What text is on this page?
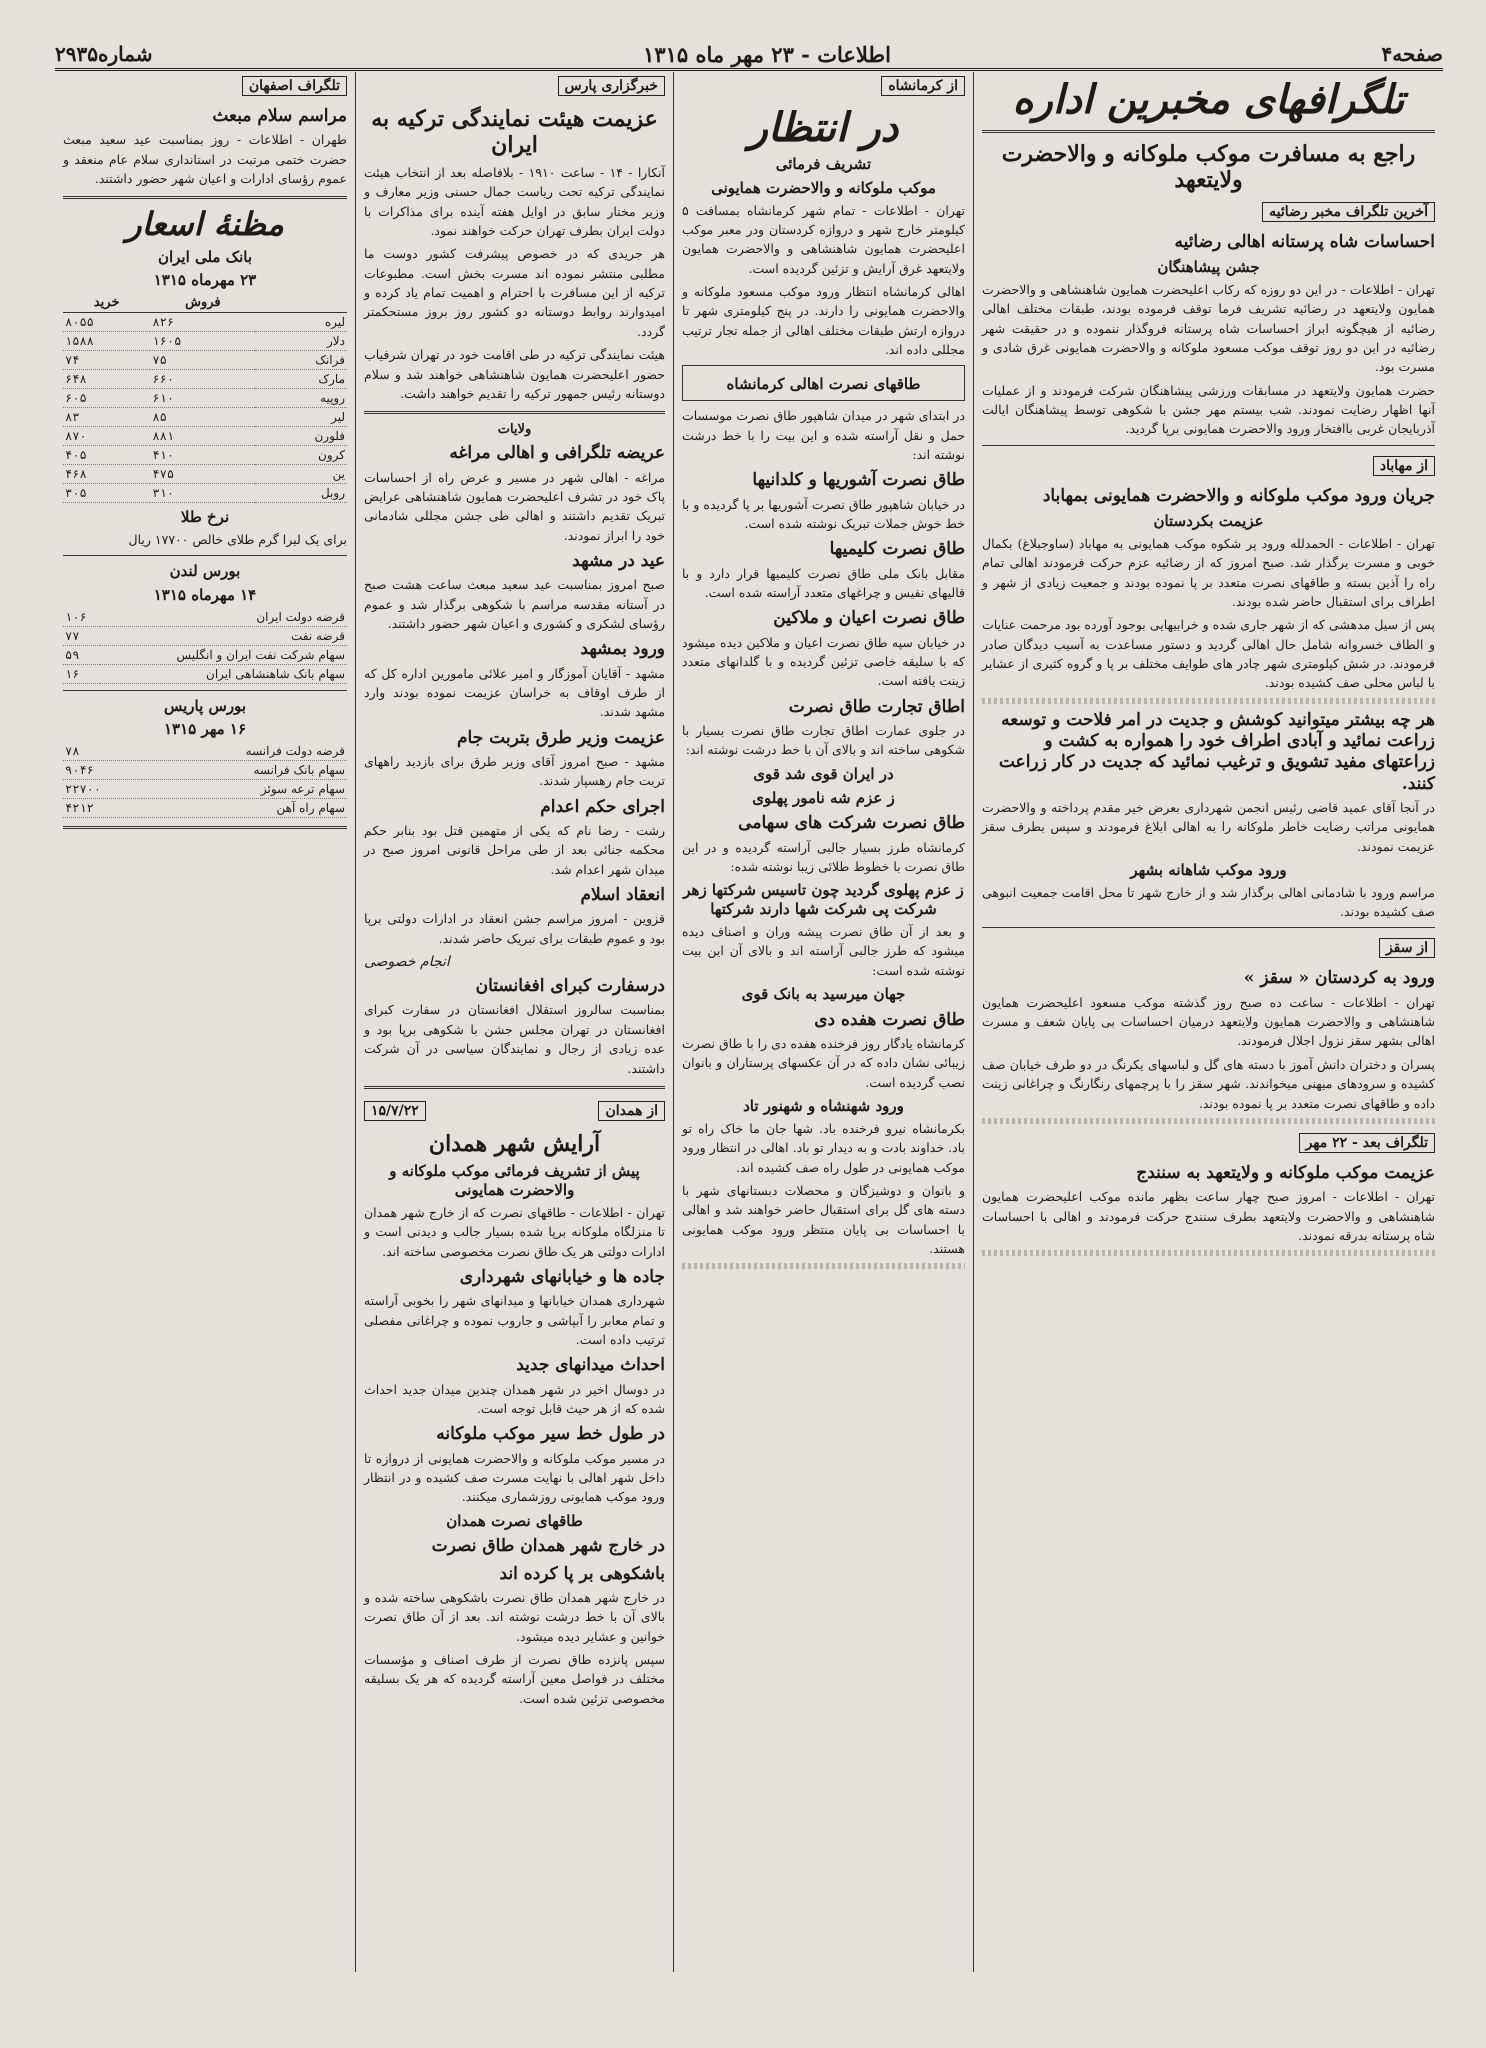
صفحه۴
اطلاعات - ۲۳ مهر ماه ۱۳۱۵
شماره۲۹۳۵
تلگرافهای مخبرین اداره
راجع به مسافرت موکب ملوکانه و والاحضرت ولایتعهد
آخرین تلگراف مخبر رضائیه
احساسات شاه پرستانه اهالی رضائیه
جشن پیشاهنگان

تهران - اطلاعات - در این دو روزه که رکاب اعلیحضرت همایون شاهنشاهی و والاحضرت همایون ولایتعهد در رضائیه تشریف فرما توقف فرموده بودند، طبقات مختلف اهالی رضائیه از هیچگونه ابراز احساسات شاه پرستانه فروگذار ننموده و در حقیقت شهر رضائیه در این دو روز توقف موکب مسعود ملوکانه و والاحضرت همایونی غرق شادی و مسرت بود.

حضرت همایون ولایتعهد در مسابقات ورزشی پیشاهنگان شرکت فرمودند و از عملیات آنها اظهار رضایت نمودند. شب بیستم مهر جشن با شکوهی توسط پیشاهنگان ایالت آذربایجان غربی باافتخار ورود والاحضرت همایونی برپا گردید.

از مهاباد
جریان ورود موکب ملوکانه و والاحضرت همایونی بمهاباد
عزیمت بکردستان

تهران - اطلاعات - الحمدلله ورود پر شکوه موکب همایونی به مهاباد (ساوجبلاغ) بکمال خوبی و مسرت برگذار شد. صبح امروز که از رضائیه عزم حرکت فرمودند اهالی تمام راه را آذین بسته و طاقهای نصرت متعدد بر پا نموده بودند و جمعیت زیادی از شهر و اطراف برای استقبال حاضر شده بودند.

پس از سیل مدهشی که از شهر جاری شده و خرابیهایی بوجود آورده بود مرحمت عنایات و الطاف خسروانه شامل حال اهالی گردید و دستور مساعدت به آسیب دیدگان صادر فرمودند. در شش کیلومتری شهر چادر های طوایف مختلف بر پا و گروه کثیری از عشایر با لباس محلی صف کشیده بودند.

هر چه بیشتر میتوانید کوشش و جدیت در امر فلاحت و توسعه زراعت نمائید و آبادی اطراف خود را همواره به کشت و زراعتهای مفید تشویق و ترغیب نمائید که جدیت در کار زراعت کنند.

در آنجا آقای عمید قاضی رئیس انجمن شهرداری بعرض خیر مقدم پرداخته و والاحضرت همایونی مراتب رضایت خاطر ملوکانه را به اهالی ابلاغ فرمودند و سپس بطرف سقز عزیمت نمودند.

ورود موکب شاهانه بشهر

مراسم ورود با شادمانی اهالی برگذار شد و از خارج شهر تا محل اقامت جمعیت انبوهی صف کشیده بودند.

از سقز
ورود به کردستان « سقز »

تهران - اطلاعات - ساعت ده صبح روز گذشته موکب مسعود اعلیحضرت همایون شاهنشاهی و والاحضرت همایون ولایتعهد درمیان احساسات بی پایان شعف و مسرت اهالی بشهر سقز نزول اجلال فرمودند.

پسران و دختران دانش آموز با دسته های گل و لباسهای یکرنگ در دو طرف خیابان صف کشیده و سرودهای میهنی میخواندند. شهر سقز را با پرچمهای رنگارنگ و چراغانی زینت داده و طاقهای نصرت متعدد بر پا نموده بودند.

تلگراف بعد - ۲۲ مهر
عزیمت موکب ملوکانه و ولایتعهد به سنندج

تهران - اطلاعات - امروز صبح چهار ساعت بظهر مانده موکب اعلیحضرت همایون شاهنشاهی و والاحضرت ولایتعهد بطرف سنندج حرکت فرمودند و اهالی با احساسات شاه پرستانه بدرقه نمودند.

از کرمانشاه
در انتظار
تشریف فرمائی
موکب ملوکانه و والاحضرت همایونی

تهران - اطلاعات - تمام شهر کرمانشاه بمسافت ۵ کیلومتر خارج شهر و دروازه کردستان ودر معبر موکب اعلیحضرت همایون شاهنشاهی و والاحضرت همایون ولایتعهد غرق آرایش و تزئین گردیده است.

اهالی کرمانشاه انتظار ورود موکب مسعود ملوکانه و والاحضرت همایونی را دارند. در پنج کیلومتری شهر تا دروازه ارتش طبقات مختلف اهالی از جمله تجار ترتیب مجللی داده اند.

طاقهای نصرت اهالی کرمانشاه

در ابتدای شهر در میدان شاهپور طاق نصرت موسسات حمل و نقل آراسته شده و این بیت را با خط درشت نوشته اند:

طاق نصرت آشوریها و کلدانیها

در خیابان شاهپور طاق نصرت آشوریها بر پا گردیده و با خط خوش جملات تبریک نوشته شده است.

طاق نصرت کلیمیها

مقابل بانک ملی طاق نصرت کلیمیها قرار دارد و با قالیهای نفیس و چراغهای متعدد آراسته شده است.

طاق نصرت اعیان و ملاکین

در خیابان سپه طاق نصرت اعیان و ملاکین دیده میشود که با سلیقه خاصی تزئین گردیده و با گلدانهای متعدد زینت یافته است.

اطاق تجارت طاق نصرت

در جلوی عمارت اطاق تجارت طاق نصرت بسیار با شکوهی ساخته اند و بالای آن با خط درشت نوشته اند:

در ایران قوی شد قوی
ز عزم شه نامور پهلوی
طاق نصرت شرکت های سهامی

کرمانشاه طرز بسیار جالبی آراسته گردیده و در این طاق نصرت با خطوط طلائی زیبا نوشته شده:

ز عزم پهلوی گردید چون تاسیس شرکتها زهر شرکت پی شرکت شها دارند شرکتها

و بعد از آن طاق نصرت پیشه وران و اصناف دیده میشود که طرز جالبی آراسته اند و بالای آن این بیت نوشته شده است:

جهان میرسید به بانک قوی
طاق نصرت هفده دی

کرمانشاه یادگار روز فرخنده هفده دی را با طاق نصرت زیبائی نشان داده که در آن عکسهای پرستاران و بانوان نصب گردیده است.

ورود شهنشاه و شهنور تاد

بکرمانشاه نیرو فرخنده باد. شها جان ما خاک راه تو باد. خداوند بادت و به دیدار تو باد. اهالی در انتظار ورود موکب همایونی در طول راه صف کشیده اند.

و بانوان و دوشیزگان و محصلات دبستانهای شهر با دسته های گل برای استقبال حاضر خواهند شد و اهالی با احساسات بی پایان منتظر ورود موکب همایونی هستند.

خبرگزاری پارس
عزیمت هیئت نمایندگی ترکیه به ایران

آنکارا - ۱۴ - ساعت ۱۹۱۰ - بلافاصله بعد از انتخاب هیئت نمایندگی ترکیه تحت ریاست جمال حسنی وزیر معارف و وزیر مختار سابق در اوایل هفته آینده برای مذاکرات با دولت ایران بطرف تهران حرکت خواهند نمود.

هر جریدی که در خصوص پیشرفت کشور دوست ما مطلبی منتشر نموده اند مسرت بخش است. مطبوعات ترکیه از این مسافرت با احترام و اهمیت تمام یاد کرده و امیدوارند روابط دوستانه دو کشور روز بروز مستحکمتر گردد.

هیئت نمایندگی ترکیه در طی اقامت خود در تهران شرفیاب حضور اعلیحضرت همایون شاهنشاهی خواهند شد و سلام دوستانه رئیس جمهور ترکیه را تقدیم خواهند داشت.

ولایات
عریضه تلگرافی و اهالی مراغه

مراغه - اهالی شهر در مسیر و عرض راه از احساسات پاک خود در تشرف اعلیحضرت همایون شاهنشاهی عرایض تبریک تقدیم داشتند و اهالی طی جشن مجللی شادمانی خود را ابراز نمودند.

عید در مشهد

صبح امروز بمناسبت عید سعید مبعث ساعت هشت صبح در آستانه مقدسه مراسم با شکوهی برگذار شد و عموم رؤسای لشکری و کشوری و اعیان شهر حضور داشتند.

ورود بمشهد

مشهد - آقایان آموزگار و امیر علائی مامورین اداره کل که از طرف اوقاف به خراسان عزیمت نموده بودند وارد مشهد شدند.

عزیمت وزیر طرق بتربت جام

مشهد - صبح امروز آقای وزیر طرق برای بازدید راههای تربت جام رهسپار شدند.

اجرای حکم اعدام

رشت - رضا نام که یکی از متهمین قتل بود بنابر حکم محکمه جنائی بعد از طی مراحل قانونی امروز صبح در میدان شهر اعدام شد.

انعقاد اسلام

قزوین - امروز مراسم جشن انعقاد در ادارات دولتی برپا بود و عموم طبقات برای تبریک حاضر شدند.

انجام خصوصی
درسفارت کبرای افغانستان

بمناسبت سالروز استقلال افغانستان در سفارت کبرای افغانستان در تهران مجلس جشن با شکوهی برپا بود و عده زیادی از رجال و نمایندگان سیاسی در آن شرکت داشتند.

از همدان
۱۵/۷/۲۲
آرایش شهر همدان
پیش از تشریف فرمائی موکب ملوکانه و والاحضرت همایونی

تهران - اطلاعات - طاقهای نصرت که از خارج شهر همدان تا منزلگاه ملوکانه برپا شده بسیار جالب و دیدنی است و ادارات دولتی هر یک طاق نصرت مخصوصی ساخته اند.

جاده ها و خیابانهای شهرداری

شهرداری همدان خیابانها و میدانهای شهر را بخوبی آراسته و تمام معابر را آبپاشی و جاروب نموده و چراغانی مفصلی ترتیب داده است.

احداث میدانهای جدید

در دوسال اخیر در شهر همدان چندین میدان جدید احداث شده که از هر حیث قابل توجه است.

در طول خط سیر موکب ملوکانه

در مسیر موکب ملوکانه و والاحضرت همایونی از دروازه تا داخل شهر اهالی با نهایت مسرت صف کشیده و در انتظار ورود موکب همایونی روزشماری میکنند.

طاقهای نصرت همدان
در خارج شهر همدان طاق نصرت
باشکوهی بر پا کرده اند

در خارج شهر همدان طاق نصرت باشکوهی ساخته شده و بالای آن با خط درشت نوشته اند. بعد از آن طاق نصرت خوانین و عشایر دیده میشود.

سپس پانزده طاق نصرت از طرف اصناف و مؤسسات مختلف در فواصل معین آراسته گردیده که هر یک بسلیقه مخصوصی تزئین شده است.

تلگراف اصفهان
مراسم سلام مبعث

طهران - اطلاعات - روز بمناسبت عید سعید مبعث حضرت ختمی مرتبت در استانداری سلام عام منعقد و عموم رؤسای ادارات و اعیان شهر حضور داشتند.

مظنهٔ اسعار
بانک ملی ایران
۲۳ مهرماه ۱۳۱۵
	فروش	خرید
لیره	۸۲۶	۸۰۵۵
دلار	۱۶۰۵	۱۵۸۸
فرانک	۷۵	۷۴
مارک	۶۶۰	۶۴۸
روپیه	۶۱۰	۶۰۵
لیر	۸۵	۸۳
فلورن	۸۸۱	۸۷۰
کرون	۴۱۰	۴۰۵
ین	۴۷۵	۴۶۸
روبل	۳۱۰	۳۰۵
نرخ طلا

برای یک لیرا گرم طلای خالص ۱۷۷۰۰ ریال

بورس لندن
۱۴ مهرماه ۱۳۱۵
قرضه دولت ایران	۱۰۶
قرضه نفت	۷۷
سهام شرکت نفت ایران و انگلیس	۵۹
سهام بانک شاهنشاهی ایران	۱۶
بورس پاریس
۱۶ مهر ۱۳۱۵
قرضه دولت فرانسه	۷۸
سهام بانک فرانسه	۹۰۴۶
سهام ترعه سوئز	۲۲۷۰۰
سهام راه آهن	۴۲۱۲
